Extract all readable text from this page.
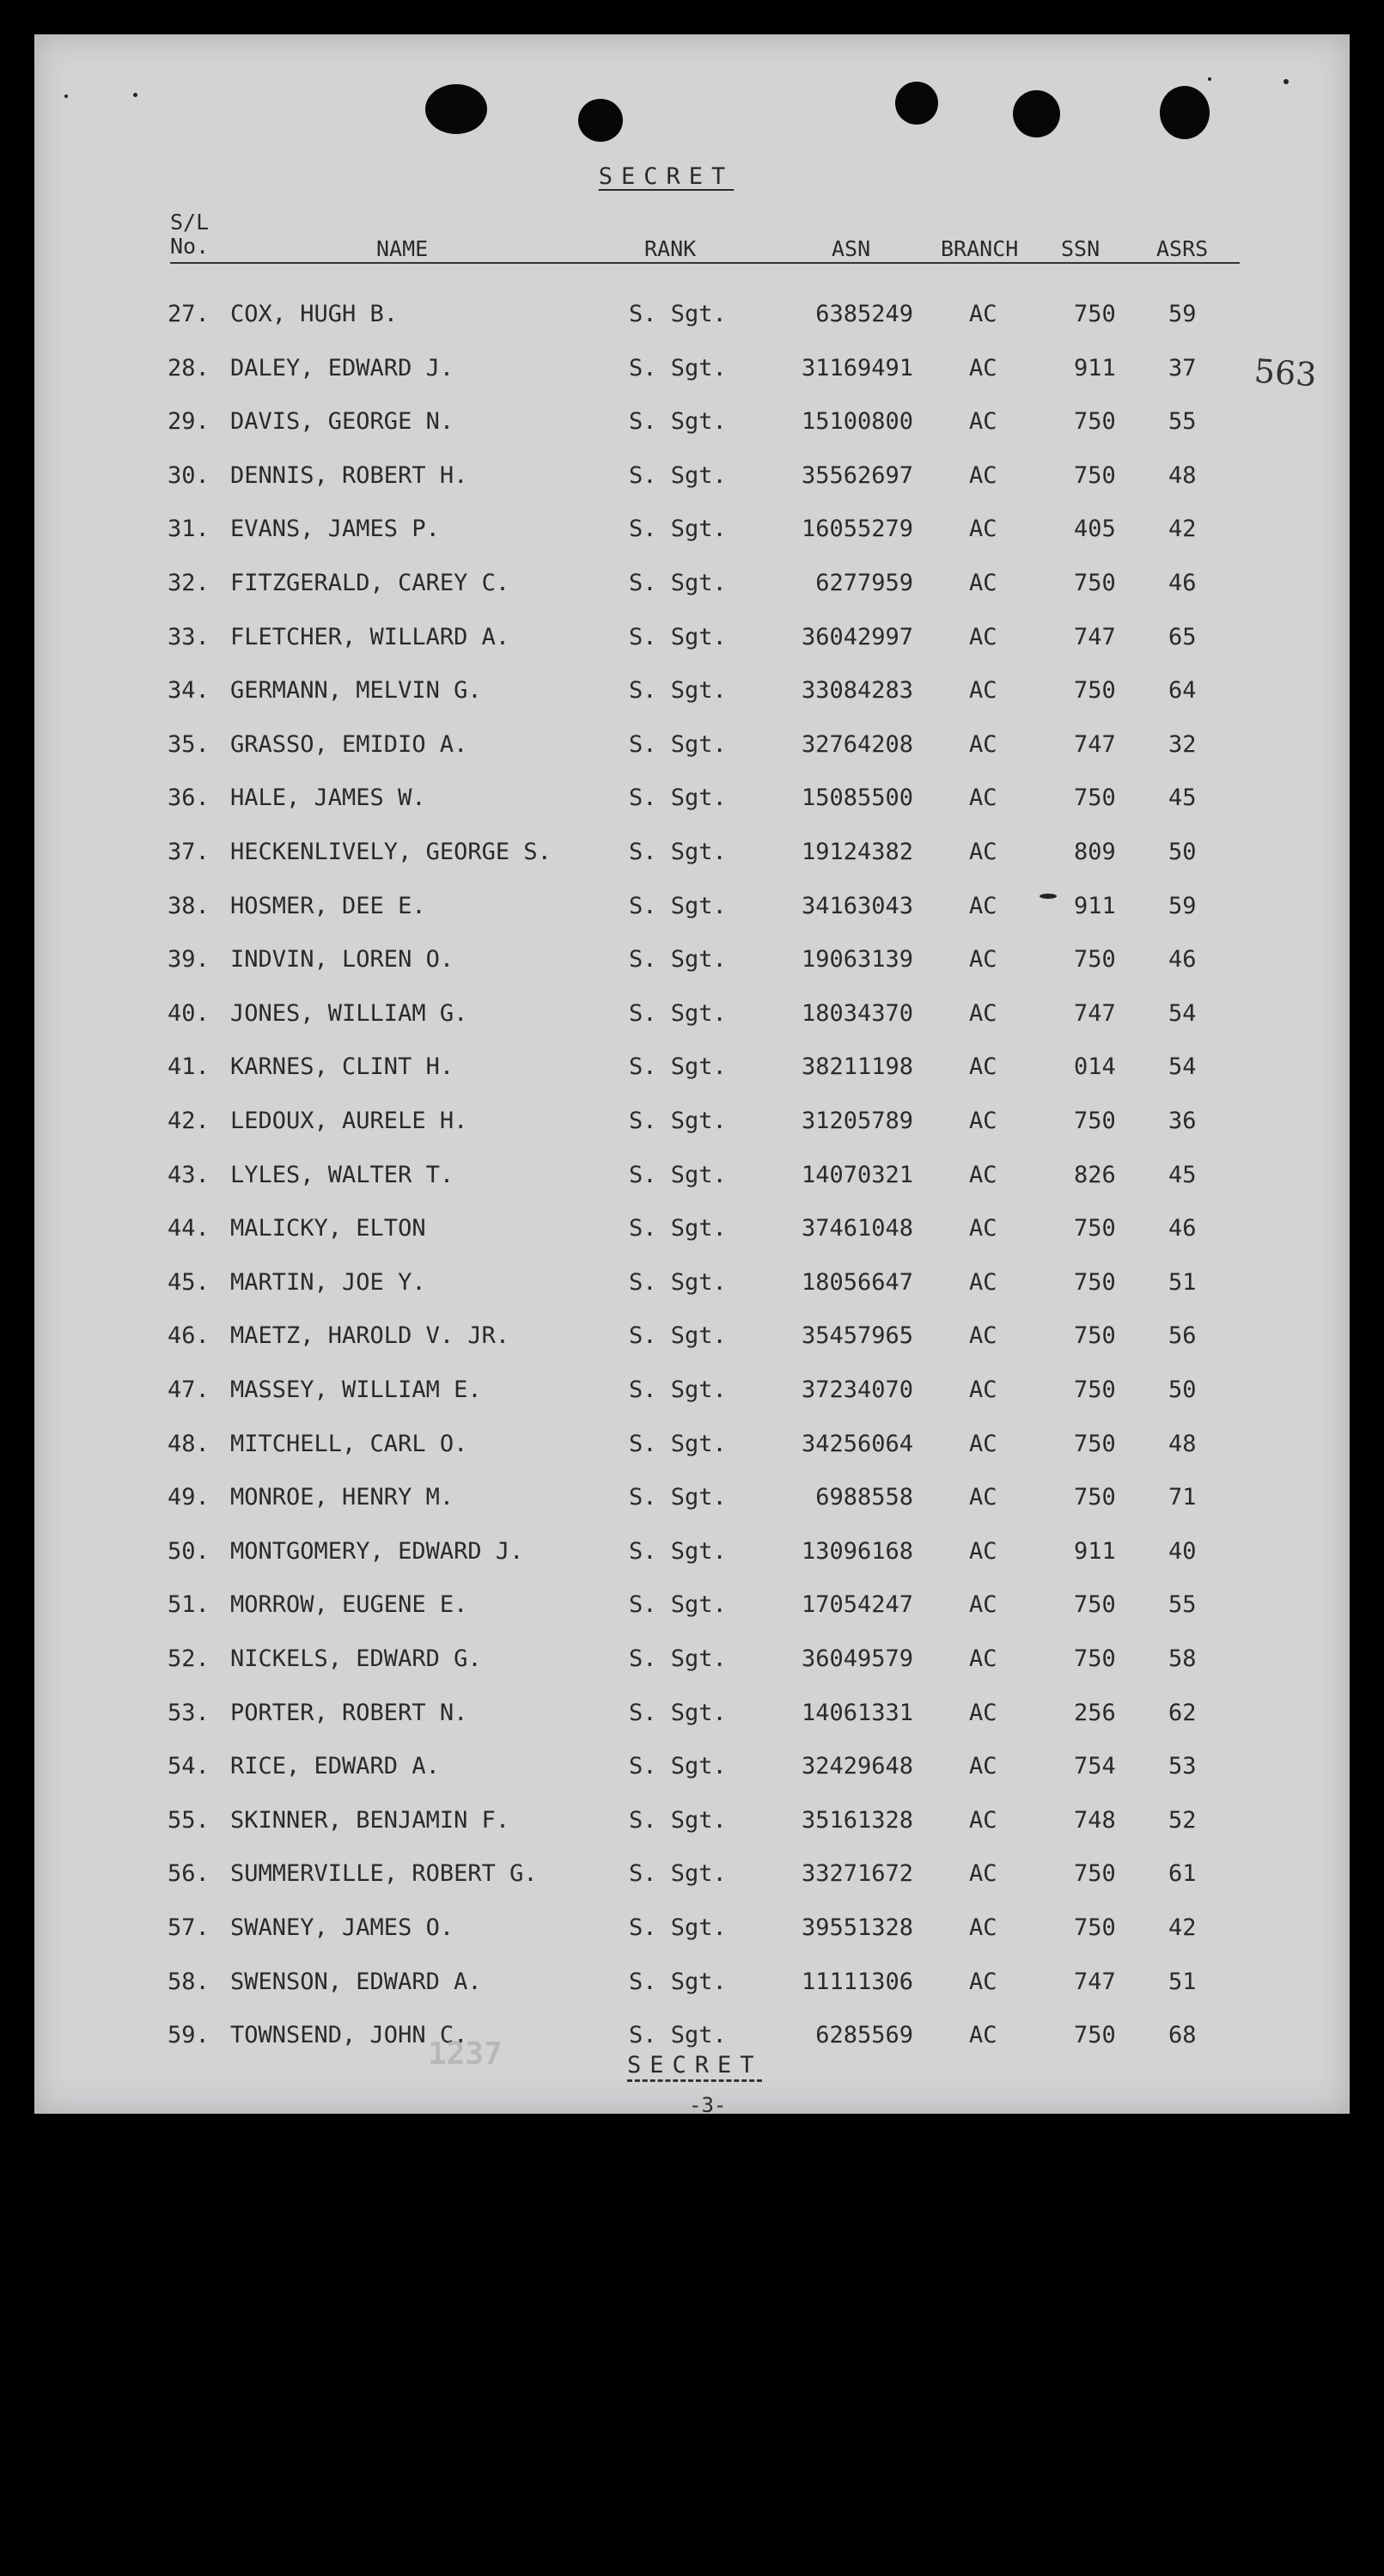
SECRET
S/L
No.	NAME	RANK	ASN	BRANCH SSN	ASRS
563
27. COX, HUGH B.	S. Sgt.	6385249 AC	750 59
28. DALEY, EDWARD J.	S. Sgt.	31169491 AC	911 37
29. DAVIS, GEORGE N.	S. Sgt.	15100800 AC	750 55
30. DENNIS, ROBERT H.	S. Sgt.	35562697 AC	750 48
31. EVANS, JAMES P.	S. Sgt.	16055279 AC	405 42
32. FITZGERALD, CAREY C.	S. Sgt.	6277959 AC	750 46
33. FLETCHER, WILLARD A.	S. Sgt.	36042997 AC	747 65
34. GERMANN, MELVIN G.	S. Sgt.	33084283 AC	750 64
35. GRASSO, EMIDIO A.	S. Sgt.	32764208 AC	747 32
36. HALE, JAMES W.	S. Sgt.	15085500 AC	750 45
37. HECKENLIVELY, GEORGE S.	S. Sgt.	19124382 AC	809 50
38. HOSMER, DEE E.	S. Sgt.	34163043 AC	911 59
39. INDVIN, LOREN O.	S. Sgt.	19063139 AC	750 46
40. JONES, WILLIAM G.	S. Sgt.	18034370 AC	747 54
41. KARNES, CLINT H.	S. Sgt.	38211198 AC	014 54
42. LEDOUX, AURELE H.	S. Sgt.	31205789 AC	750 36
43. LYLES, WALTER T.	S. Sgt.	14070321 AC	826 45
44. MALICKY, ELTON	S. Sgt.	37461048 AC	750 46
45. MARTIN, JOE Y.	S. Sgt.	18056647 AC	750 51
46. MAETZ, HAROLD V. JR.	S. Sgt.	35457965 AC	750 56
47. MASSEY, WILLIAM E.	S. Sgt.	37234070 AC	750 50
48. MITCHELL, CARL O.	S. Sgt.	34256064 AC	750 48
49. MONROE, HENRY M.	S. Sgt.	6988558 AC	750 71
50. MONTGOMERY, EDWARD J.	S. Sgt.	13096168 AC	911 40
51. MORROW, EUGENE E.	S. Sgt.	17054247 AC	750 55
52. NICKELS, EDWARD G.	S. Sgt.	36049579 AC	750 58
53. PORTER, ROBERT N.	S. Sgt.	14061331 AC	256 62
54. RICE, EDWARD A.	S. Sgt.	32429648 AC	754 53
55. SKINNER, BENJAMIN F.	S. Sgt.	35161328 AC	748 52
56. SUMMERVILLE, ROBERT G.	S. Sgt.	33271672 AC	750 61
57. SWANEY, JAMES O.	S. Sgt.	39551328 AC	750 42
58. SWENSON, EDWARD A.	S. Sgt.	11111306 AC	747 51
59. TOWNSEND, JOHN C.	S. Sgt.	6285569 AC	750 68
1237	SECRET
-3-
